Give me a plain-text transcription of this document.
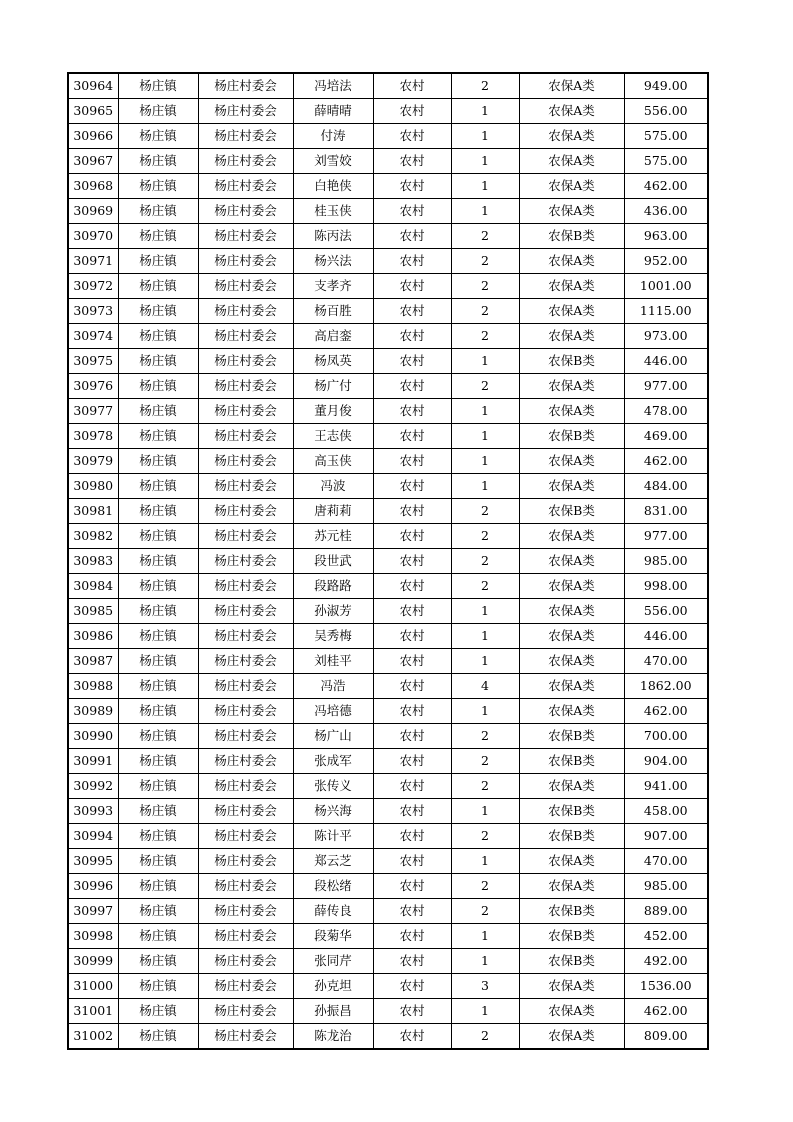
30964	杨庄镇	杨庄村委会	冯培法	农村	2	农保A类	949.00
30965	杨庄镇	杨庄村委会	薛晴晴	农村	1	农保A类	556.00
30966	杨庄镇	杨庄村委会	付涛	农村	1	农保A类	575.00
30967	杨庄镇	杨庄村委会	刘雪姣	农村	1	农保A类	575.00
30968	杨庄镇	杨庄村委会	白艳侠	农村	1	农保A类	462.00
30969	杨庄镇	杨庄村委会	桂玉侠	农村	1	农保A类	436.00
30970	杨庄镇	杨庄村委会	陈丙法	农村	2	农保B类	963.00
30971	杨庄镇	杨庄村委会	杨兴法	农村	2	农保A类	952.00
30972	杨庄镇	杨庄村委会	支孝齐	农村	2	农保A类	1001.00
30973	杨庄镇	杨庄村委会	杨百胜	农村	2	农保A类	1115.00
30974	杨庄镇	杨庄村委会	高启銮	农村	2	农保A类	973.00
30975	杨庄镇	杨庄村委会	杨凤英	农村	1	农保B类	446.00
30976	杨庄镇	杨庄村委会	杨广付	农村	2	农保A类	977.00
30977	杨庄镇	杨庄村委会	董月俊	农村	1	农保A类	478.00
30978	杨庄镇	杨庄村委会	王志侠	农村	1	农保B类	469.00
30979	杨庄镇	杨庄村委会	高玉侠	农村	1	农保A类	462.00
30980	杨庄镇	杨庄村委会	冯波	农村	1	农保A类	484.00
30981	杨庄镇	杨庄村委会	唐莉莉	农村	2	农保B类	831.00
30982	杨庄镇	杨庄村委会	苏元桂	农村	2	农保A类	977.00
30983	杨庄镇	杨庄村委会	段世武	农村	2	农保A类	985.00
30984	杨庄镇	杨庄村委会	段路路	农村	2	农保A类	998.00
30985	杨庄镇	杨庄村委会	孙淑芳	农村	1	农保A类	556.00
30986	杨庄镇	杨庄村委会	吴秀梅	农村	1	农保A类	446.00
30987	杨庄镇	杨庄村委会	刘桂平	农村	1	农保A类	470.00
30988	杨庄镇	杨庄村委会	冯浩	农村	4	农保A类	1862.00
30989	杨庄镇	杨庄村委会	冯培德	农村	1	农保A类	462.00
30990	杨庄镇	杨庄村委会	杨广山	农村	2	农保B类	700.00
30991	杨庄镇	杨庄村委会	张成军	农村	2	农保B类	904.00
30992	杨庄镇	杨庄村委会	张传义	农村	2	农保A类	941.00
30993	杨庄镇	杨庄村委会	杨兴海	农村	1	农保B类	458.00
30994	杨庄镇	杨庄村委会	陈计平	农村	2	农保B类	907.00
30995	杨庄镇	杨庄村委会	郑云芝	农村	1	农保A类	470.00
30996	杨庄镇	杨庄村委会	段松绪	农村	2	农保A类	985.00
30997	杨庄镇	杨庄村委会	薛传良	农村	2	农保B类	889.00
30998	杨庄镇	杨庄村委会	段菊华	农村	1	农保B类	452.00
30999	杨庄镇	杨庄村委会	张同芹	农村	1	农保B类	492.00
31000	杨庄镇	杨庄村委会	孙克坦	农村	3	农保A类	1536.00
31001	杨庄镇	杨庄村委会	孙振昌	农村	1	农保A类	462.00
31002	杨庄镇	杨庄村委会	陈龙治	农村	2	农保A类	809.00
